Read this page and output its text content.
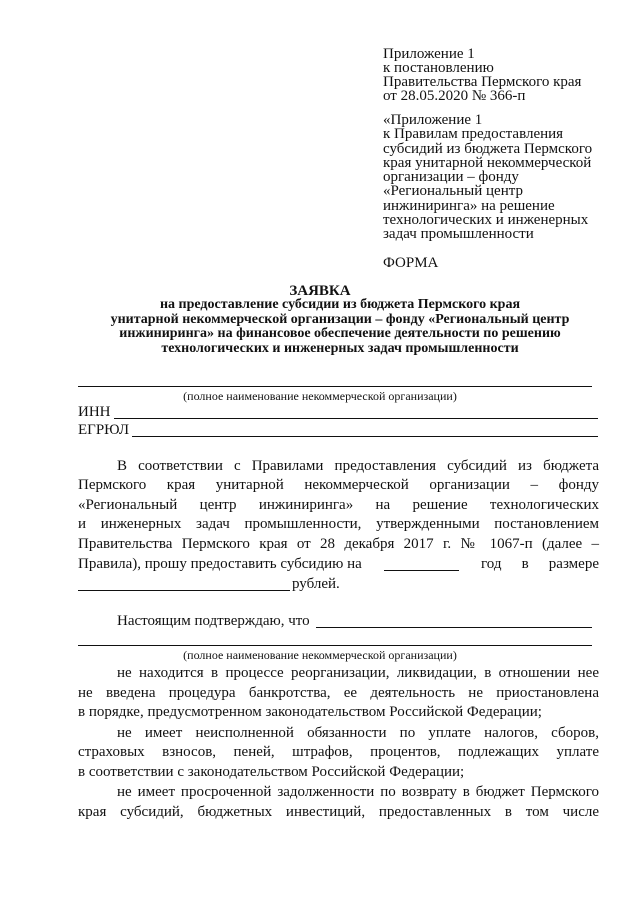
Приложение 1
к постановлению
Правительства Пермского края
от 28.05.2020 № 366-п
«Приложение 1
к Правилам предоставления
субсидий из бюджета Пермского
края унитарной некоммерческой
организации – фонду
«Региональный центр
инжиниринга» на решение
технологических и инженерных
задач промышленности
ФОРМА
ЗАЯВКА
на предоставление субсидии из бюджета Пермского края
унитарной некоммерческой организации – фонду «Региональный центр
инжиниринга» на финансовое обеспечение деятельности по решению
технологических и инженерных задач промышленности
(полное наименование некоммерческой организации)
ИНН
ЕГРЮЛ
В соответствии с Правилами предоставления субсидий из бюджета
Пермского края унитарной некоммерческой организации – фонду
«Региональный центр инжиниринга» на решение технологических
и инженерных задач промышленности, утвержденными постановлением
Правительства Пермского края от 28 декабря 2017 г. № 1067-п (далее –
Правила), прошу предоставить субсидию на	год в размере
рублей.
Настоящим подтверждаю, что
(полное наименование некоммерческой организации)
не находится в процессе реорганизации, ликвидации, в отношении нее
не введена процедура банкротства, ее деятельность не приостановлена
в порядке, предусмотренном законодательством Российской Федерации;
не имеет неисполненной обязанности по уплате налогов, сборов,
страховых взносов, пеней, штрафов, процентов, подлежащих уплате
в соответствии с законодательством Российской Федерации;
не имеет просроченной задолженности по возврату в бюджет Пермского
края субсидий, бюджетных инвестиций, предоставленных в том числе
